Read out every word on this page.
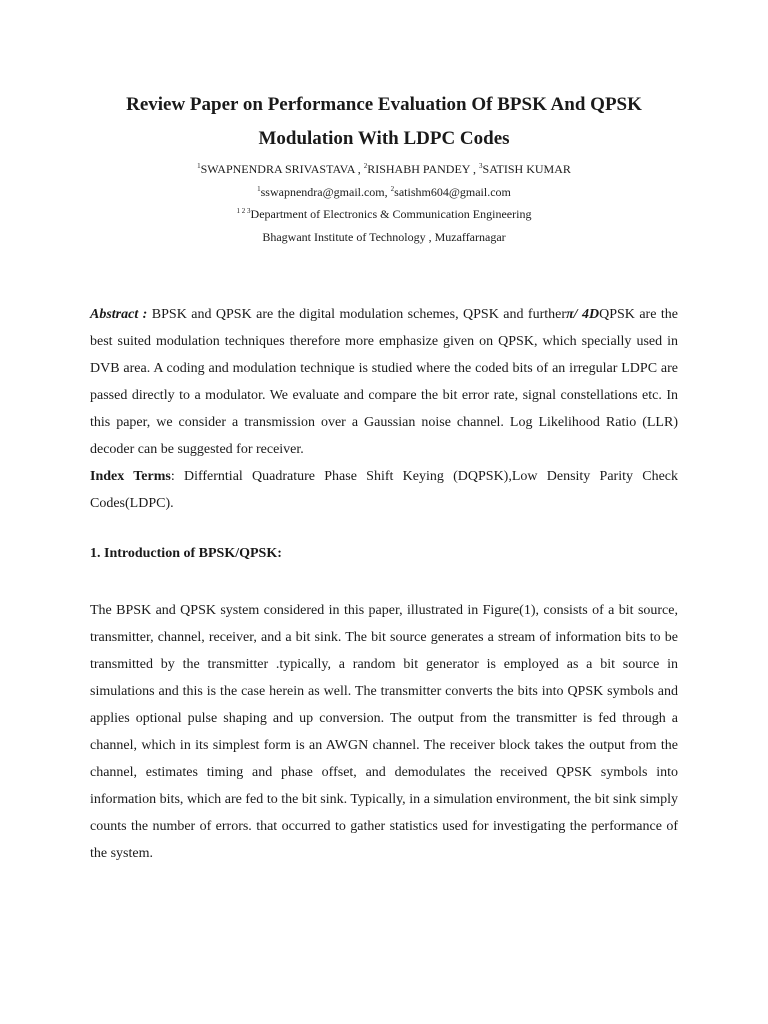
Review Paper on Performance Evaluation Of BPSK And QPSK
Modulation With LDPC Codes
$^1$SWAPNENDRA SRIVASTAVA , $^2$RISHABH PANDEY , $^3$SATISH KUMAR
$^1$sswapnendra@gmail.com, $^2$satishm604@gmail.com
$^{1 2 3}$Department of Electronics & Communication Engineering
Bhagwant Institute of Technology , Muzaffarnagar
Abstract : BPSK and QPSK are the digital modulation schemes, QPSK and furtherπ/ 4DQPSK are the best suited modulation techniques therefore more emphasize given on QPSK, which specially used in DVB area. A coding and modulation technique is studied where the coded bits of an irregular LDPC are passed directly to a modulator. We evaluate and compare the bit error rate, signal constellations etc. In this paper, we consider a transmission over a Gaussian noise channel. Log Likelihood Ratio (LLR) decoder can be suggested for receiver.
Index Terms: Differntial Quadrature Phase Shift Keying (DQPSK),Low Density Parity Check Codes(LDPC).
1. Introduction of BPSK/QPSK:
The BPSK and QPSK system considered in this paper, illustrated in Figure(1), consists of a bit source, transmitter, channel, receiver, and a bit sink. The bit source generates a stream of information bits to be transmitted by the transmitter .typically, a random bit generator is employed as a bit source in simulations and this is the case herein as well. The transmitter converts the bits into QPSK symbols and applies optional pulse shaping and up conversion. The output from the transmitter is fed through a channel, which in its simplest form is an AWGN channel. The receiver block takes the output from the channel, estimates timing and phase offset, and demodulates the received QPSK symbols into information bits, which are fed to the bit sink. Typically, in a simulation environment, the bit sink simply counts the number of errors. that occurred to gather statistics used for investigating the performance of the system.
